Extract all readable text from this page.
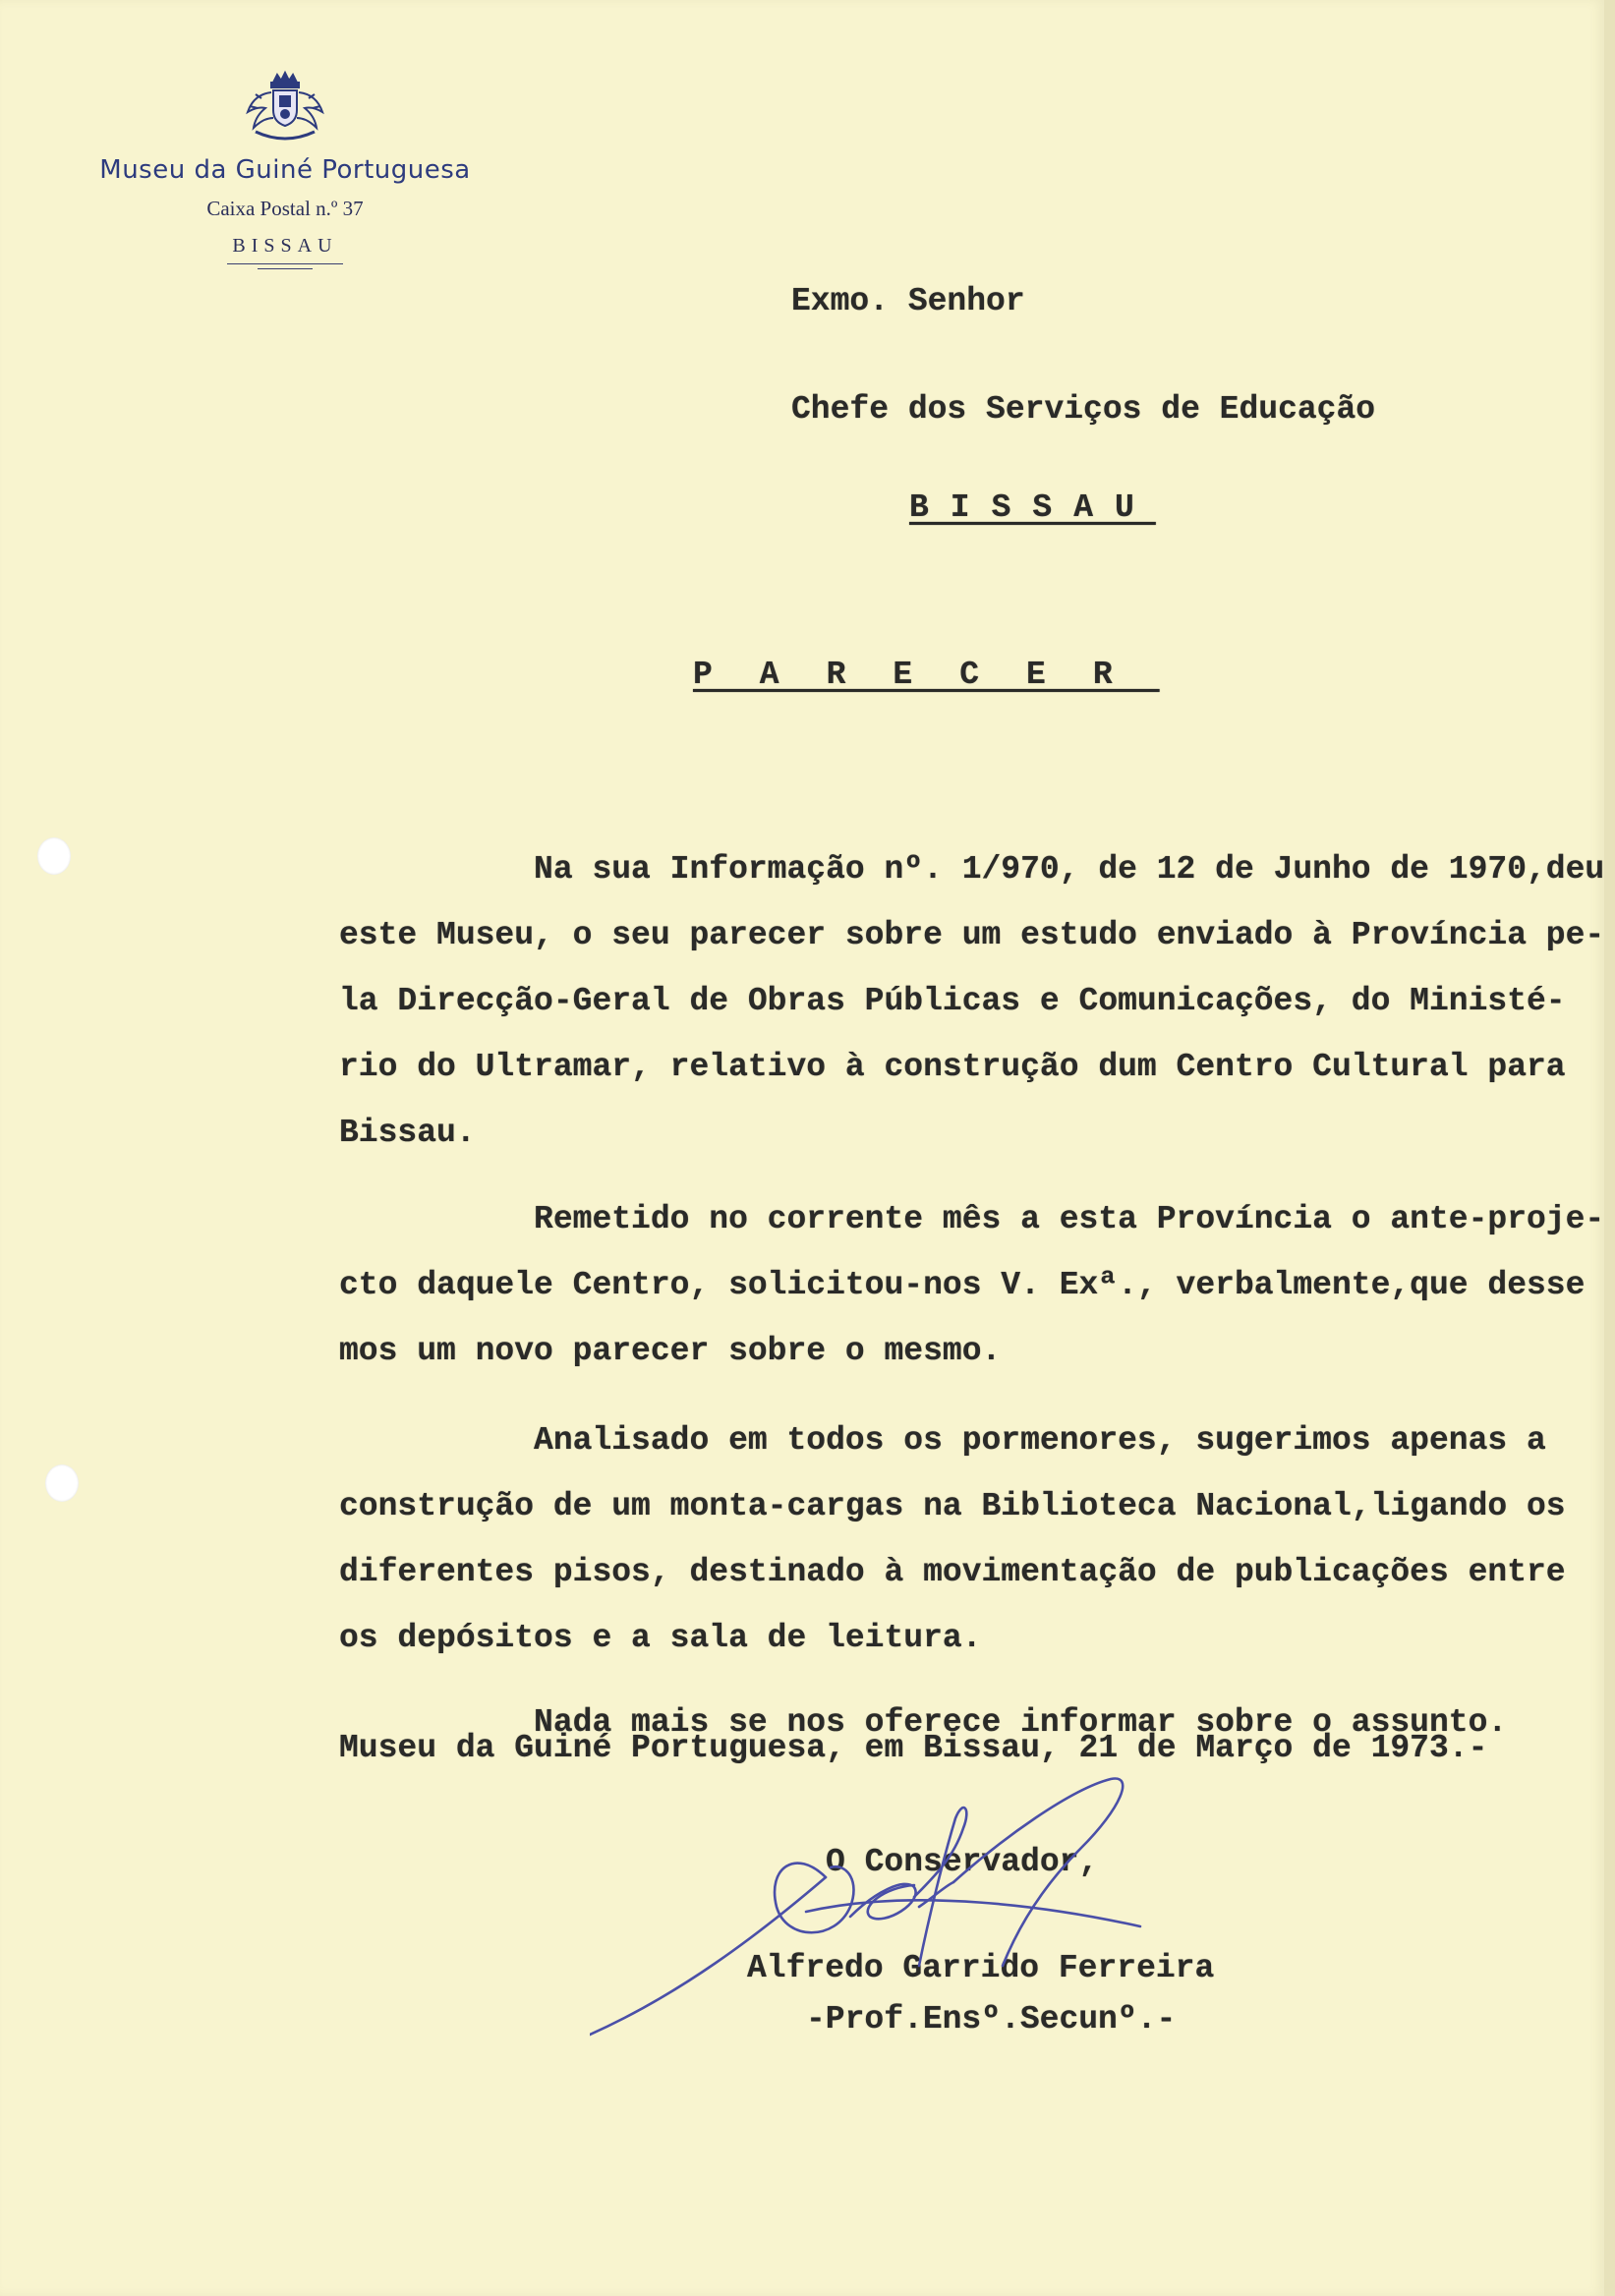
Museu da Guiné Portuguesa
Caixa Postal n.º 37
BISSAU
Exmo. Senhor
Chefe dos Serviços de Educação
BISSAU
PARECER

Na sua Informação nº. 1/970, de 12 de Junho de 1970,deu
este Museu, o seu parecer sobre um estudo enviado à Província pe-
la Direcção-Geral de Obras Públicas e Comunicações, do Ministé-
rio do Ultramar, relativo à construção dum Centro Cultural para
Bissau.

Remetido no corrente mês a esta Província o ante-proje-
cto daquele Centro, solicitou-nos V. Exª., verbalmente,que desse
mos um novo parecer sobre o mesmo.

Analisado em todos os pormenores, sugerimos apenas a
construção de um monta-cargas na Biblioteca Nacional,ligando os
diferentes pisos, destinado à movimentação de publicações entre
os depósitos e a sala de leitura.

Nada mais se nos oferece informar sobre o assunto.

Museu da Guiné Portuguesa, em Bissau, 21 de Março de 1973.-
O Conservador,
Alfredo Garrido Ferreira
-Prof.Ensº.Secunº.-
